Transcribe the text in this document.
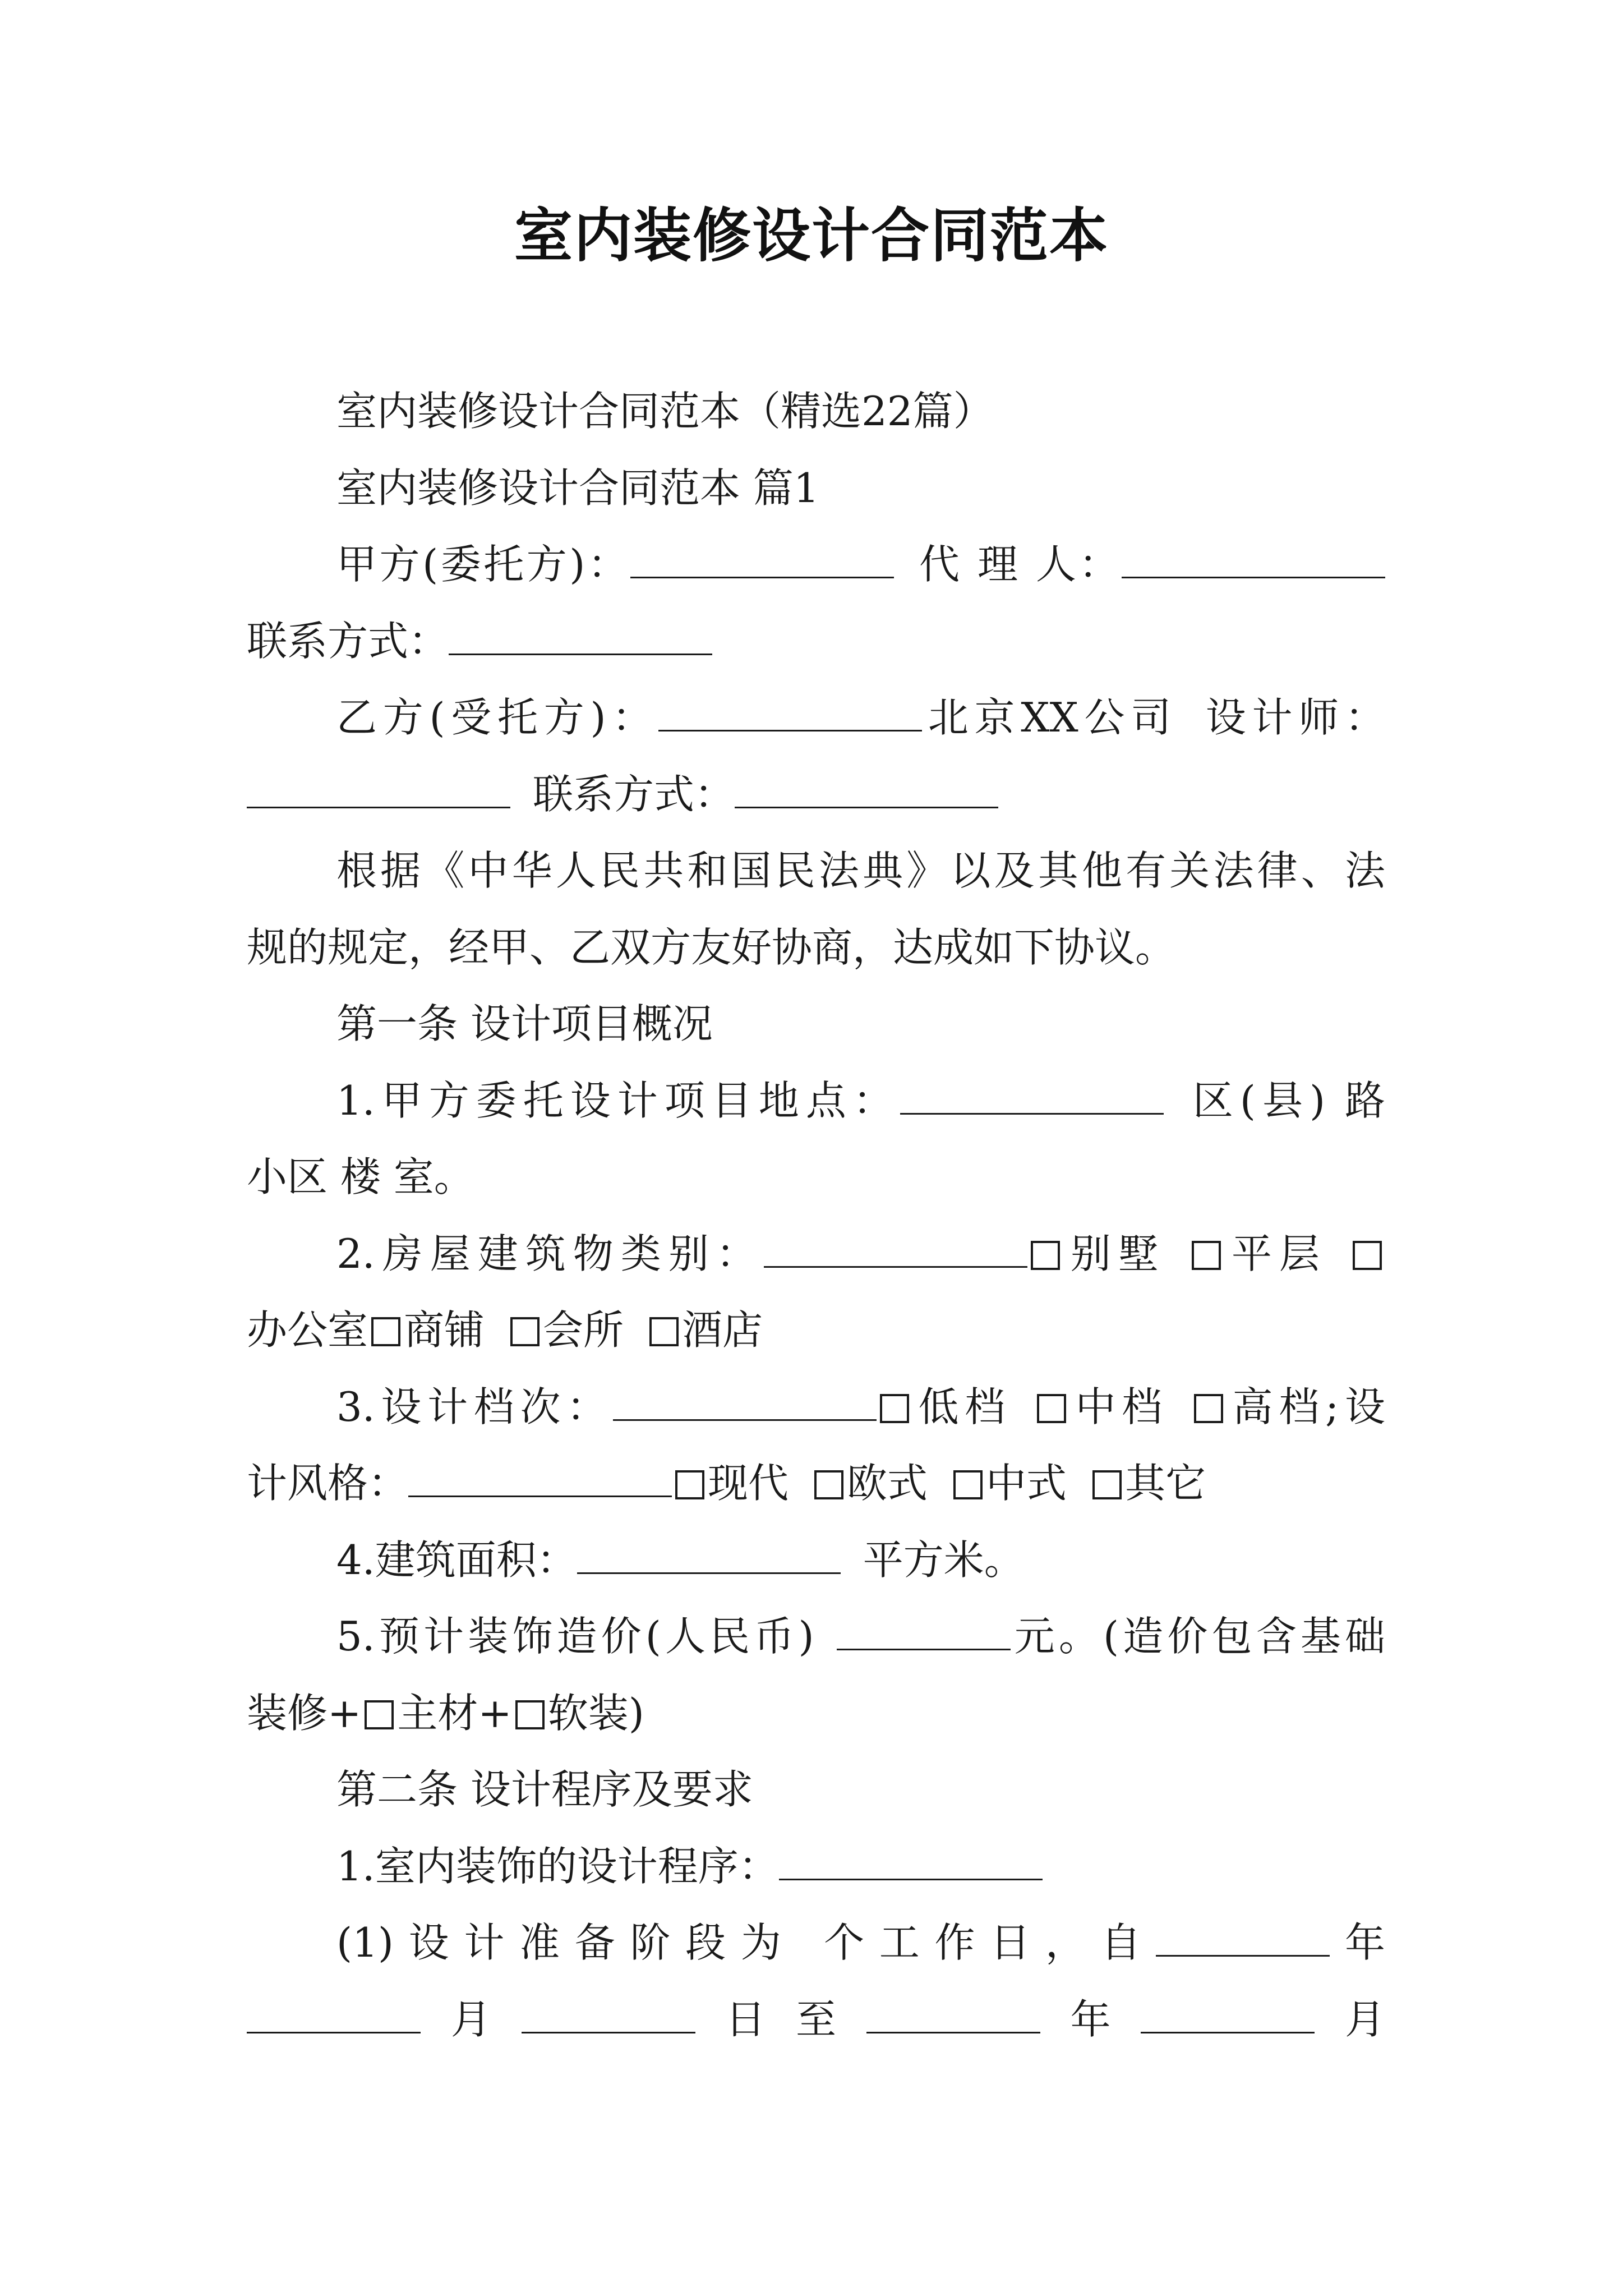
室内装修设计合同范本

室内装修设计合同范本（精选22篇）

室内装修设计合同范本 篇1

甲方(委托方)：	代 理 人：

联系方式：

乙方(受托方)：	北京XX公司 设计师：

联系方式：

根据《中华人民共和国民法典》以及其他有关法律、法

规的规定，经甲、乙双方友好协商，达成如下协议。

第一条 设计项目概况

1.甲方委托设计项目地点：	区(县) 路

小区 楼 室。

2.房屋建筑物类别：	别墅 平层

办公室 商铺 会所 酒店

3.设计档次：	低档 中档 高档;设

计风格：	现代 欧式 中式 其它

4.建筑面积：	平方米。

5.预计装饰造价(人民币)	元。(造价包含基础

装修+ 主材+ 软装)

第二条 设计程序及要求

1.室内装饰的设计程序：

(1)设计准备阶段为 个工作日，自	年

月	日至	年	月
